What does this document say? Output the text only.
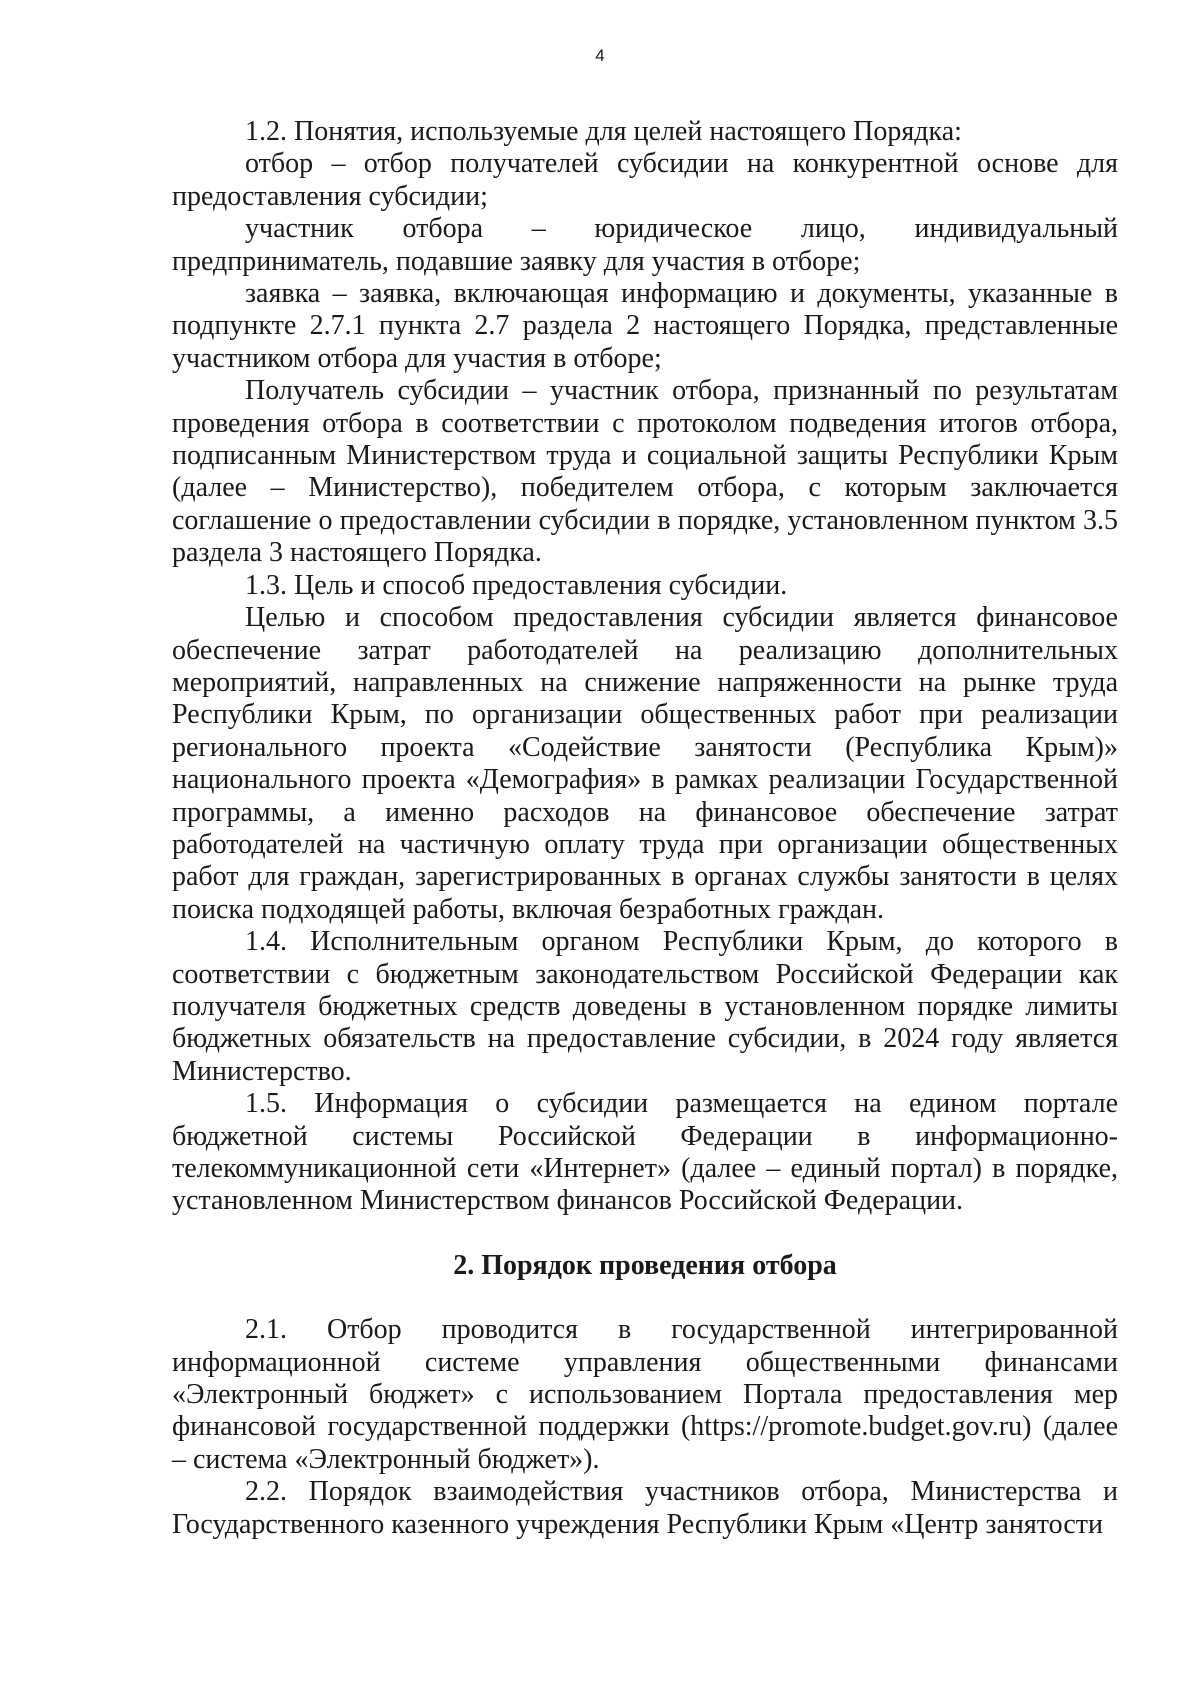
4

1.2. Понятия, используемые для целей настоящего Порядка:

отбор – отбор получателей субсидии на конкурентной основе для предоставления субсидии;

участник отбора – юридическое лицо, индивидуальный предприниматель, подавшие заявку для участия в отборе;

заявка – заявка, включающая информацию и документы, указанные в подпункте 2.7.1 пункта 2.7 раздела 2 настоящего Порядка, представленные участником отбора для участия в отборе;

Получатель субсидии – участник отбора, признанный по результатам проведения отбора в соответствии с протоколом подведения итогов отбора, подписанным Министерством труда и социальной защиты Республики Крым (далее – Министерство), победителем отбора, с которым заключается соглашение о предоставлении субсидии в порядке, установленном пунктом 3.5 раздела 3 настоящего Порядка.

1.3. Цель и способ предоставления субсидии.

Целью и способом предоставления субсидии является финансовое обеспечение затрат работодателей на реализацию дополнительных мероприятий, направленных на снижение напряженности на рынке труда Республики Крым, по организации общественных работ при реализации регионального проекта «Содействие занятости (Республика Крым)» национального проекта «Демография» в рамках реализации Государственной программы, а именно расходов на финансовое обеспечение затрат работодателей на частичную оплату труда при организации общественных работ для граждан, зарегистрированных в органах службы занятости в целях поиска подходящей работы, включая безработных граждан.

1.4. Исполнительным органом Республики Крым, до которого в соответствии с бюджетным законодательством Российской Федерации как получателя бюджетных средств доведены в установленном порядке лимиты бюджетных обязательств на предоставление субсидии, в 2024 году является Министерство.

1.5. Информация о субсидии размещается на едином портале бюджетной системы Российской Федерации в информационно-телекоммуникационной сети «Интернет» (далее – единый портал) в порядке, установленном Министерством финансов Российской Федерации.

2. Порядок проведения отбора

2.1. Отбор проводится в государственной интегрированной информационной системе управления общественными финансами «Электронный бюджет» с использованием Портала предоставления мер финансовой государственной поддержки (https://promote.budget.gov.ru) (далее – система «Электронный бюджет»).

2.2. Порядок взаимодействия участников отбора, Министерства и Государственного казенного учреждения Республики Крым «Центр занятости
